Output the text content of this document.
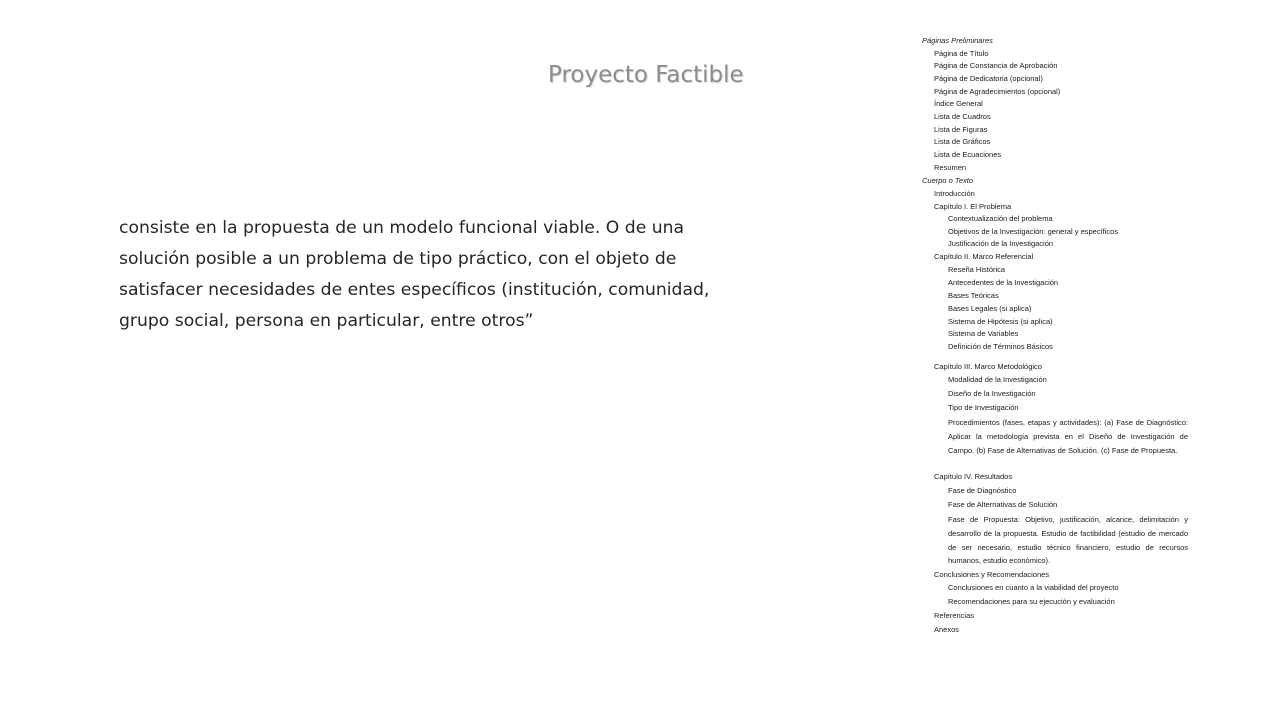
Proyecto Factible
consiste en la propuesta de un modelo funcional viable. O de una solución posible a un problema de tipo práctico, con el objeto de satisfacer necesidades de entes específicos (institución, comunidad, grupo social, persona en particular, entre otros”
Páginas Preliminares
Página de Título
Página de Constancia de Aprobación
Página de Dedicatoria (opcional)
Página de Agradecimientos (opcional)
Índice General
Lista de Cuadros
Lista de Figuras
Lista de Gráficos
Lista de Ecuaciones
Resumen
Cuerpo o Texto
Introducción
Capítulo I. El Problema
Contextualización del problema
Objetivos de la Investigación: general y específicos
Justificación de la Investigación
Capítulo II. Marco Referencial
Reseña Histórica
Antecedentes de la Investigación
Bases Teóricas
Bases Legales (si aplica)
Sistema de Hipótesis (si aplica)
Sistema de Variables
Definición de Términos Básicos
Capítulo III. Marco Metodológico
Modalidad de la Investigación
Diseño de la Investigación
Tipo de Investigación
Procedimientos (fases, etapas y actividades): (a) Fase de Diagnóstico: Aplicar la metodología prevista en el Diseño de Investigación de Campo. (b) Fase de Alternativas de Solución. (c) Fase de Propuesta.
Capítulo IV. Resultados
Fase de Diagnóstico
Fase de Alternativas de Solución
Fase de Propuesta: Objetivo, justificación, alcance, delimitación y desarrollo de la propuesta. Estudio de factibilidad (estudio de mercado de ser necesario, estudio técnico financiero, estudio de recursos humanos, estudio económico).
Conclusiones y Recomendaciones
Conclusiones en cuanto a la viabilidad del proyecto
Recomendaciones para su ejecución y evaluación
Referencias
Anexos
